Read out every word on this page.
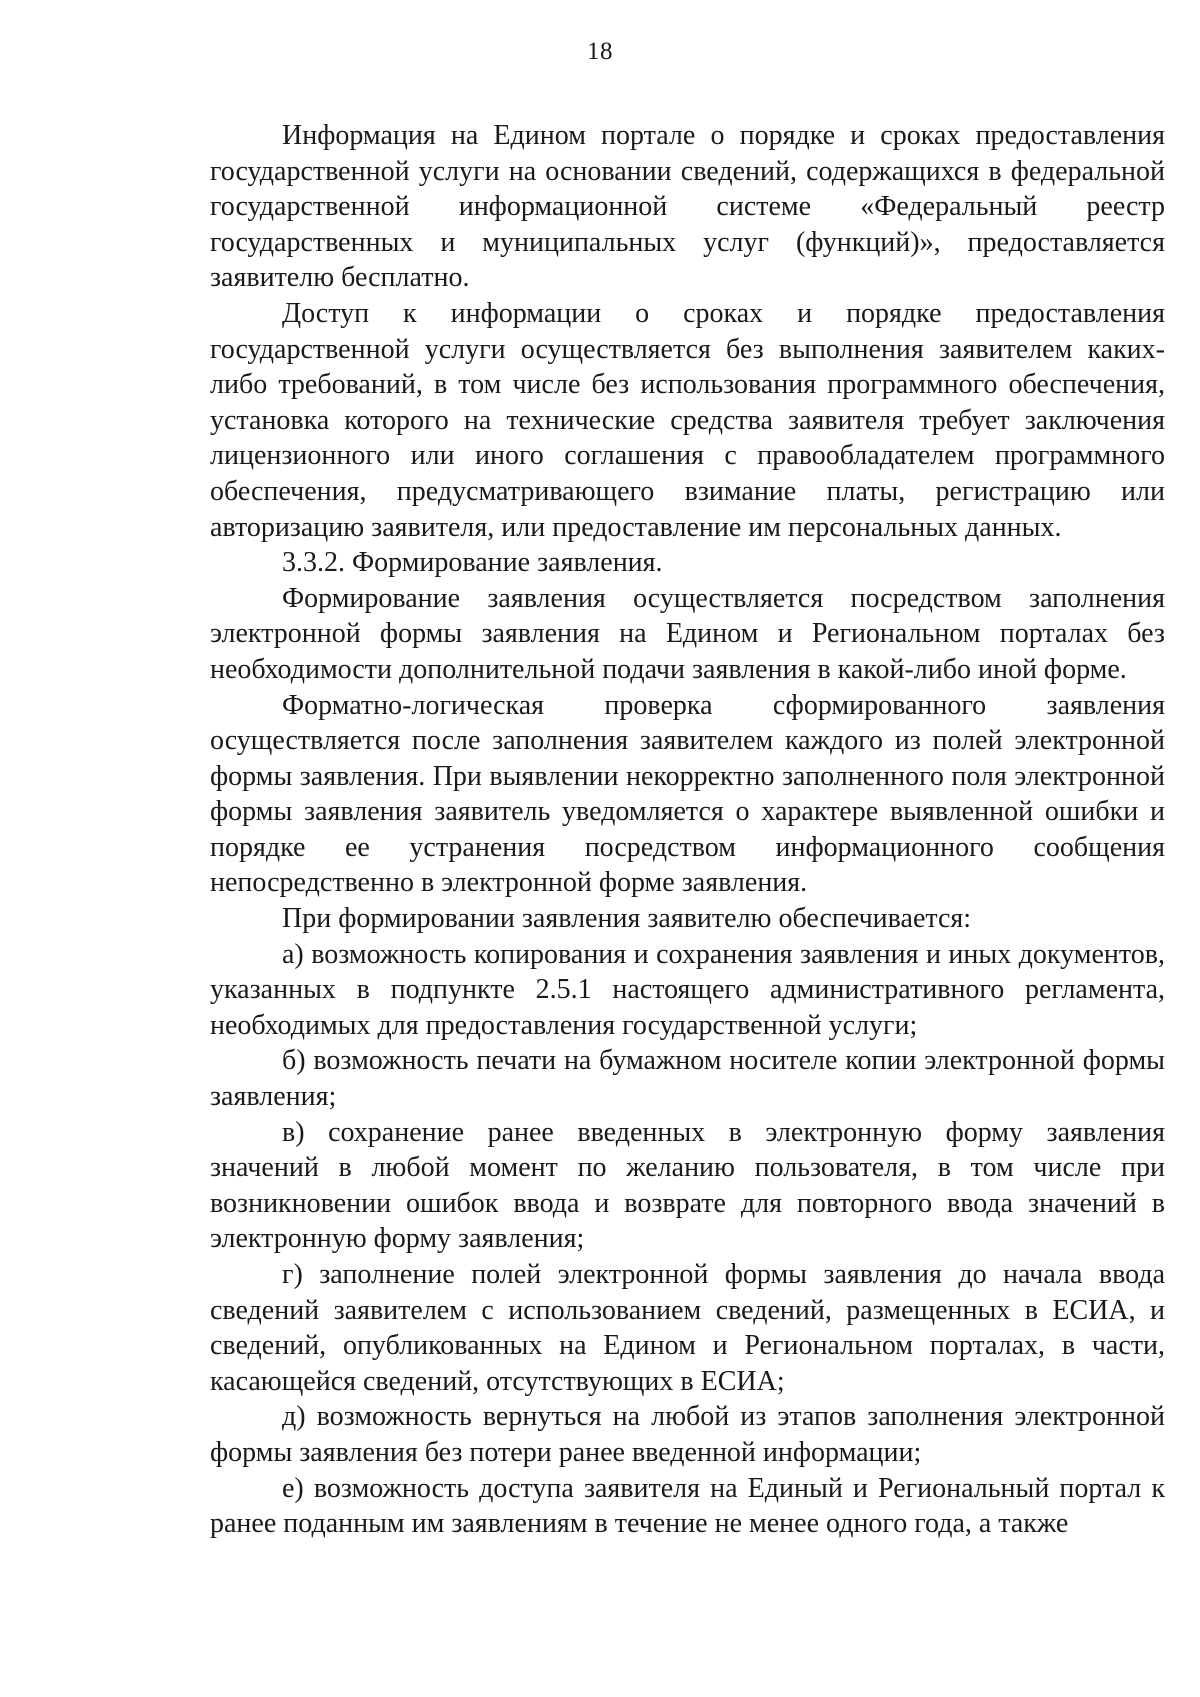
18

Информация на Едином портале о порядке и сроках предоставления государственной услуги на основании сведений, содержащихся в федеральной государственной информационной системе «Федеральный реестр государственных и муниципальных услуг (функций)», предоставляется заявителю бесплатно.

Доступ к информации о сроках и порядке предоставления государственной услуги осуществляется без выполнения заявителем каких-либо требований, в том числе без использования программного обеспечения, установка которого на технические средства заявителя требует заключения лицензионного или иного соглашения с правообладателем программного обеспечения, предусматривающего взимание платы, регистрацию или авторизацию заявителя, или предоставление им персональных данных.

3.3.2. Формирование заявления.

Формирование заявления осуществляется посредством заполнения электронной формы заявления на Едином и Региональном порталах без необходимости дополнительной подачи заявления в какой-либо иной форме.

Форматно-логическая проверка сформированного заявления осуществляется после заполнения заявителем каждого из полей электронной формы заявления. При выявлении некорректно заполненного поля электронной формы заявления заявитель уведомляется о характере выявленной ошибки и порядке ее устранения посредством информационного сообщения непосредственно в электронной форме заявления.

При формировании заявления заявителю обеспечивается:

а) возможность копирования и сохранения заявления и иных документов, указанных в подпункте 2.5.1 настоящего административного регламента, необходимых для предоставления государственной услуги;

б) возможность печати на бумажном носителе копии электронной формы заявления;

в) сохранение ранее введенных в электронную форму заявления значений в любой момент по желанию пользователя, в том числе при возникновении ошибок ввода и возврате для повторного ввода значений в электронную форму заявления;

г) заполнение полей электронной формы заявления до начала ввода сведений заявителем с использованием сведений, размещенных в ЕСИА, и сведений, опубликованных на Едином и Региональном порталах, в части, касающейся сведений, отсутствующих в ЕСИА;

д) возможность вернуться на любой из этапов заполнения электронной формы заявления без потери ранее введенной информации;

е) возможность доступа заявителя на Единый и Региональный портал к ранее поданным им заявлениям в течение не менее одного года, а также
